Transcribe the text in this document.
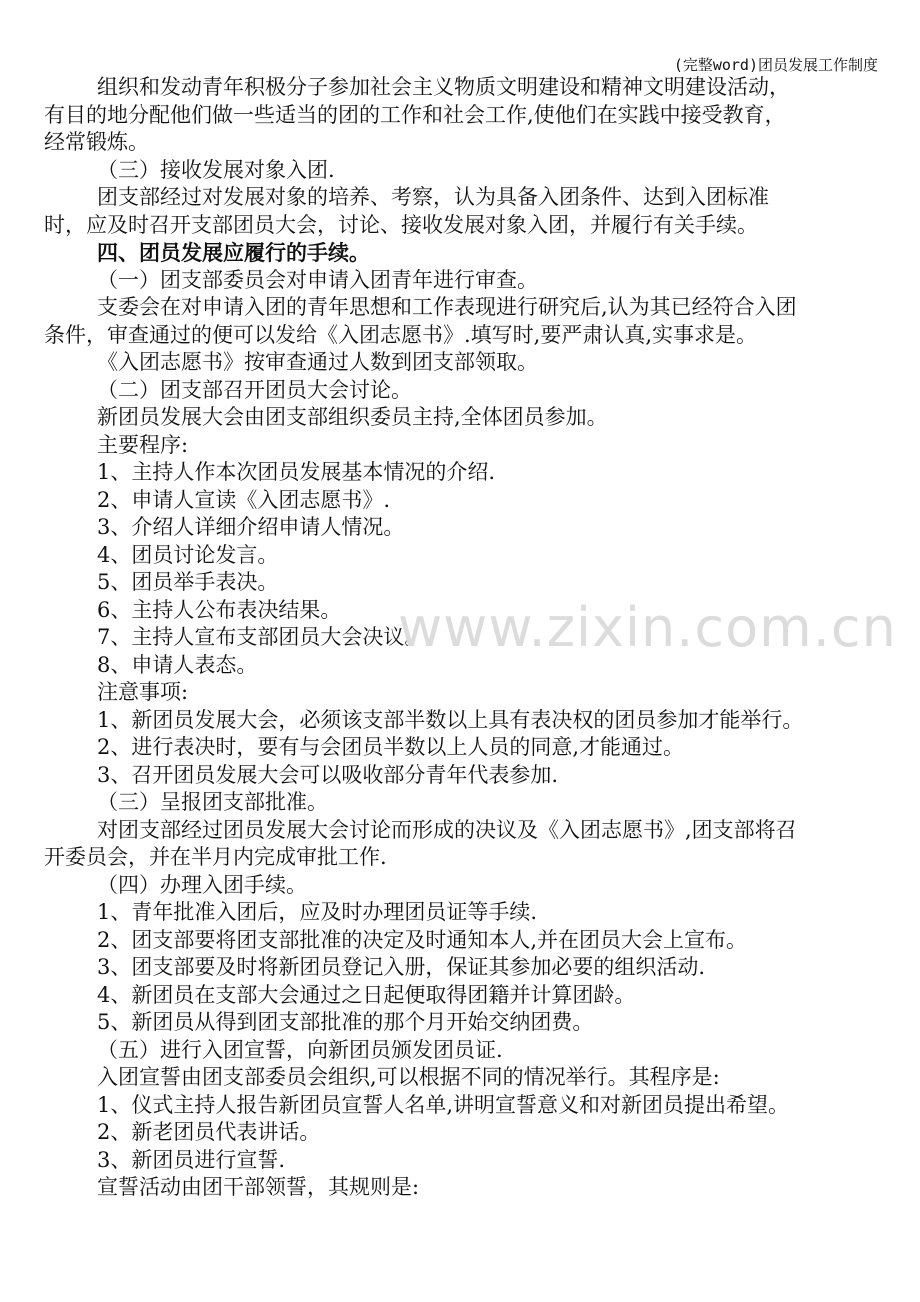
(完整word)团员发展工作制度
组织和发动青年积极分子参加社会主义物质文明建设和精神文明建设活动，
有目的地分配他们做一些适当的团的工作和社会工作,使他们在实践中接受教育，
经常锻炼。
（三）接收发展对象入团.
团支部经过对发展对象的培养、考察，认为具备入团条件、达到入团标准
时，应及时召开支部团员大会，讨论、接收发展对象入团，并履行有关手续。
四、团员发展应履行的手续。
（一）团支部委员会对申请入团青年进行审查。
支委会在对申请入团的青年思想和工作表现进行研究后,认为其已经符合入团
条件，审查通过的便可以发给《入团志愿书》.填写时,要严肃认真,实事求是。
《入团志愿书》按审查通过人数到团支部领取。
（二）团支部召开团员大会讨论。
新团员发展大会由团支部组织委员主持,全体团员参加。
主要程序:
1、主持人作本次团员发展基本情况的介绍.
2、申请人宣读《入团志愿书》.
3、介绍人详细介绍申请人情况。
4、团员讨论发言。
5、团员举手表决。
6、主持人公布表决结果。
7、主持人宣布支部团员大会决议。
8、申请人表态。
注意事项:
1、新团员发展大会，必须该支部半数以上具有表决权的团员参加才能举行。
2、进行表决时，要有与会团员半数以上人员的同意,才能通过。
3、召开团员发展大会可以吸收部分青年代表参加.
（三）呈报团支部批准。
对团支部经过团员发展大会讨论而形成的决议及《入团志愿书》,团支部将召
开委员会，并在半月内完成审批工作.
（四）办理入团手续。
1、青年批准入团后，应及时办理团员证等手续.
2、团支部要将团支部批准的决定及时通知本人,并在团员大会上宣布。
3、团支部要及时将新团员登记入册，保证其参加必要的组织活动.
4、新团员在支部大会通过之日起便取得团籍并计算团龄。
5、新团员从得到团支部批准的那个月开始交纳团费。
（五）进行入团宣誓，向新团员颁发团员证.
入团宣誓由团支部委员会组织,可以根据不同的情况举行。其程序是:
1、仪式主持人报告新团员宣誓人名单,讲明宣誓意义和对新团员提出希望。
2、新老团员代表讲话。
3、新团员进行宣誓.
宣誓活动由团干部领誓，其规则是:
www.zixin.com.cn
